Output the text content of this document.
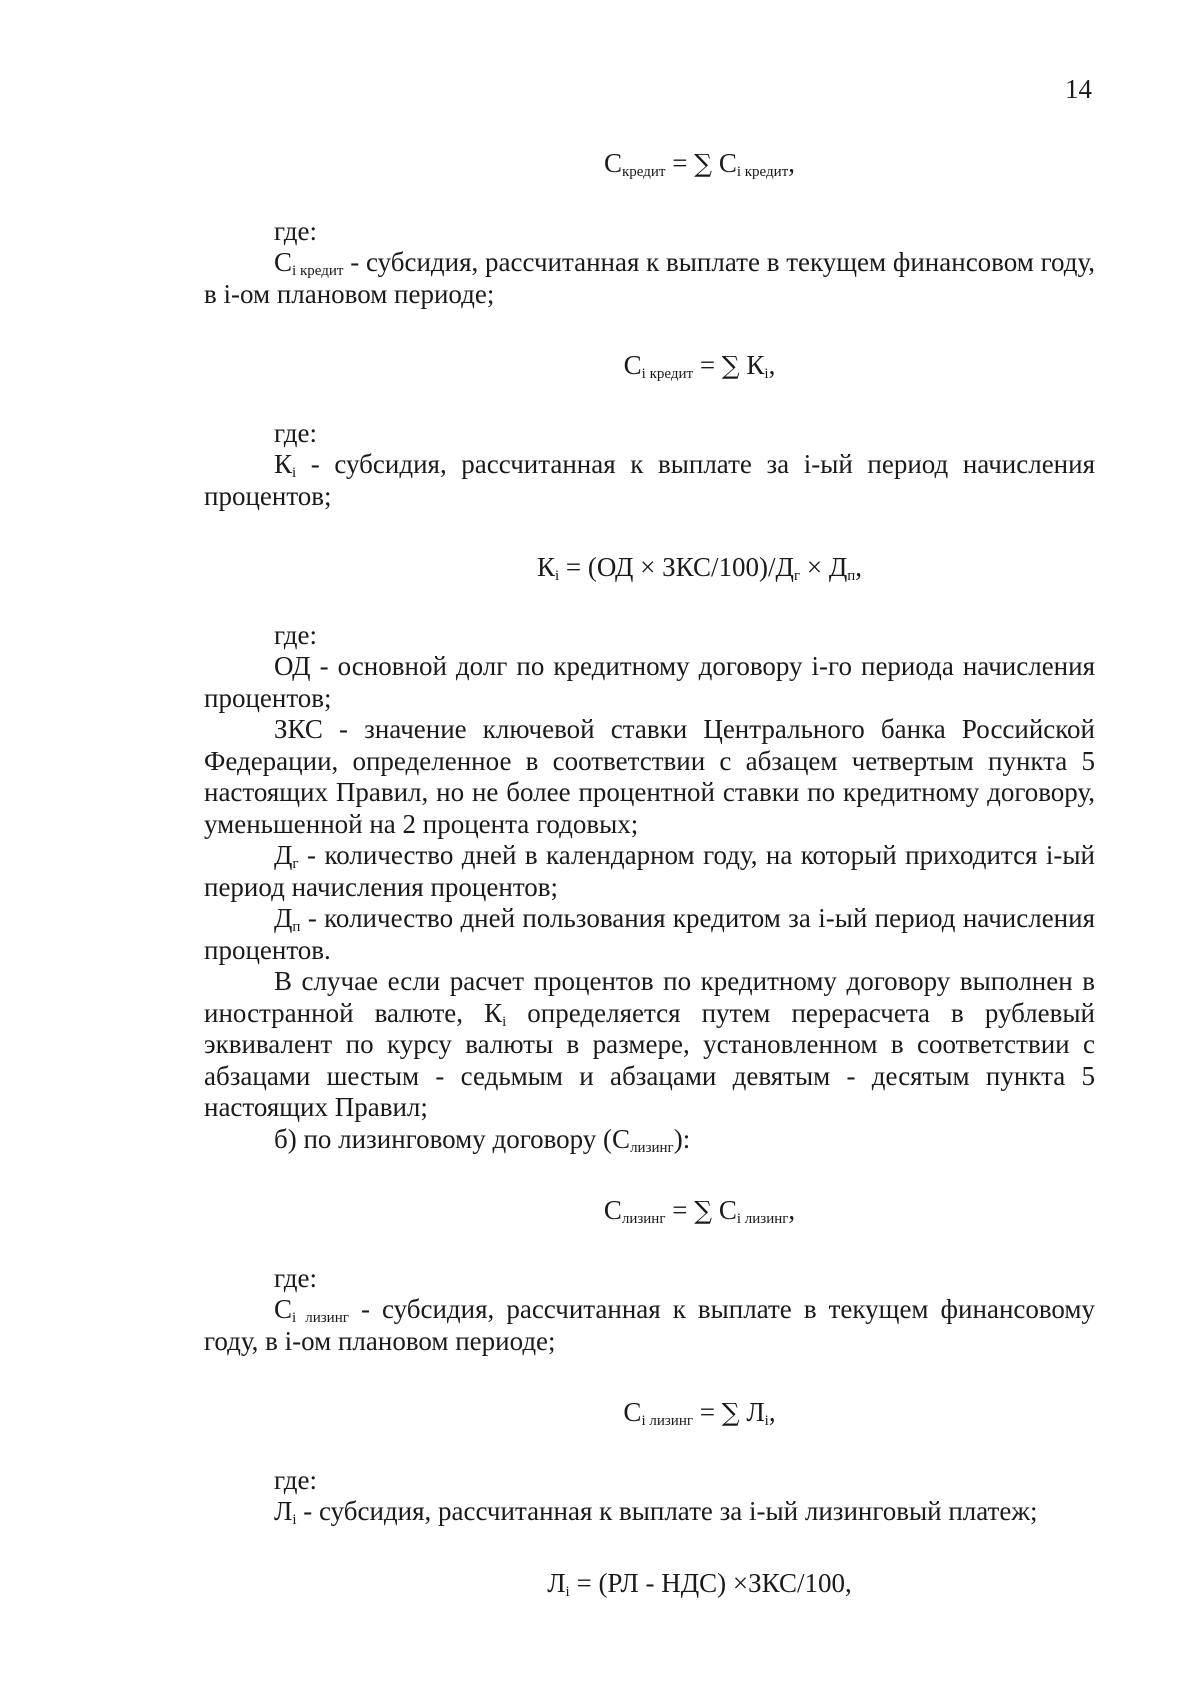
14
$С_{кредит}$ = ∑ $С_{i кредит}$,

где:

$С_{i кредит}$ - субсидия, рассчитанная к выплате в текущем финансовом году, в i-ом плановом периоде;

$С_{i кредит}$ = ∑ $К_i$,

где:

$К_i$ - субсидия, рассчитанная к выплате за i-ый период начисления процентов;

$К_i = (ОД \times ЗКС/100)/Д_г \times Д_п$,

где:

ОД - основной долг по кредитному договору i-го периода начисления процентов;

ЗКС - значение ключевой ставки Центрального банка Российской Федерации, определенное в соответствии с абзацем четвертым пункта 5 настоящих Правил, но не более процентной ставки по кредитному договору, уменьшенной на 2 процента годовых;

$Д_г$ - количество дней в календарном году, на который приходится i-ый период начисления процентов;

$Д_п$ - количество дней пользования кредитом за i-ый период начисления процентов.

В случае если расчет процентов по кредитному договору выполнен в иностранной валюте, $К_i$ определяется путем перерасчета в рублевый эквивалент по курсу валюты в размере, установленном в соответствии с абзацами шестым - седьмым и абзацами девятым - десятым пункта 5 настоящих Правил;

б) по лизинговому договору $(С_{лизинг})$:

$С_{лизинг}$ = ∑ $С_{i лизинг}$,

где:

$С_{i лизинг}$ - субсидия, рассчитанная к выплате в текущем финансовому году, в i-ом плановом периоде;

$С_{i лизинг}$ = ∑ $Л_i$,

где:

$Л_i$ - субсидия, рассчитанная к выплате за i-ый лизинговый платеж;

$Л_i = (РЛ - НДС) \times ЗКС/100$,
